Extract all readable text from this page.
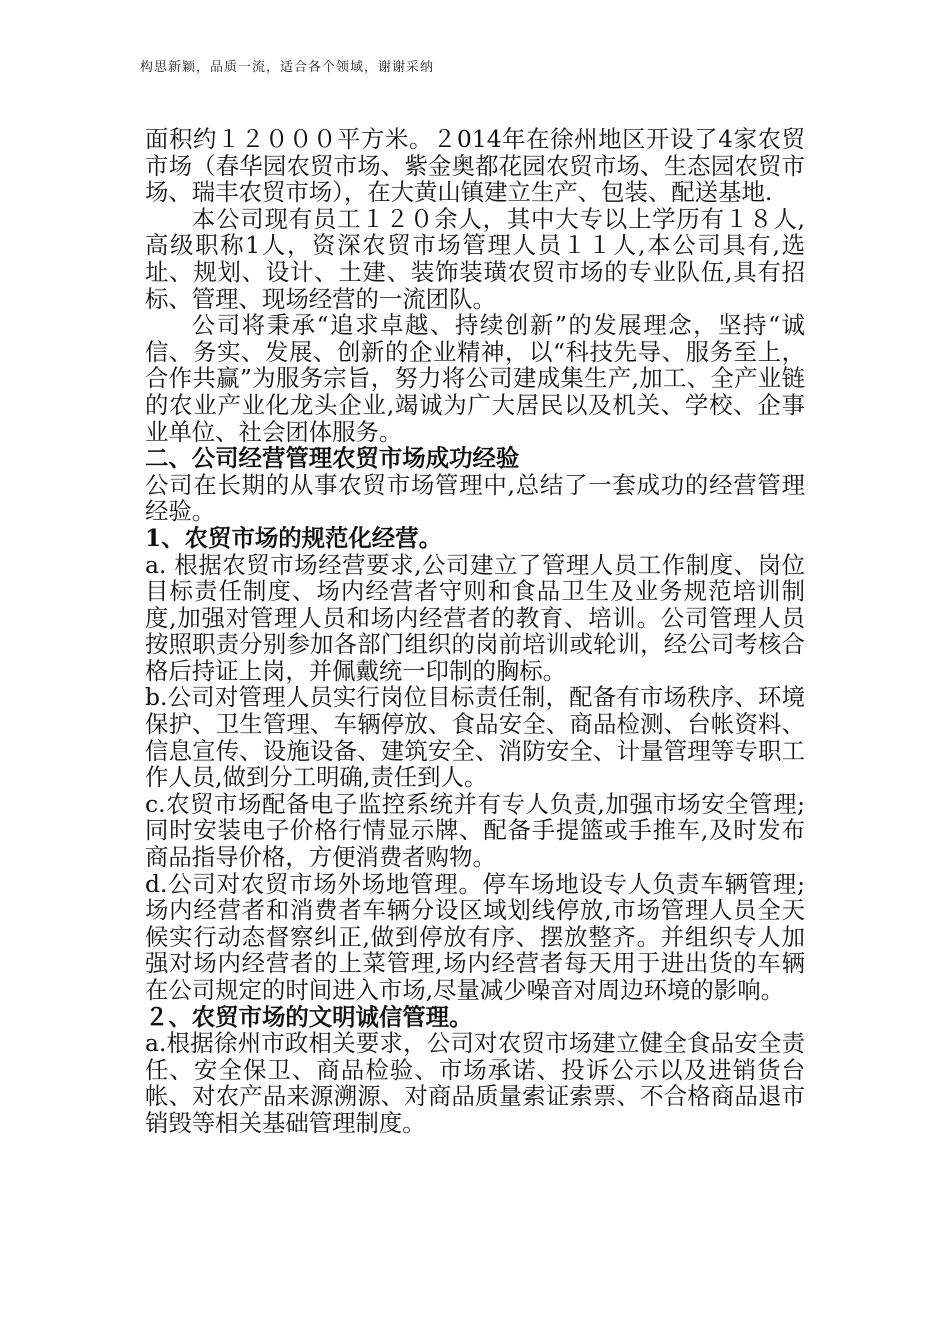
构思新颖，品质一流，适合各个领域，谢谢采纳

面积约１２０００平方米。２014年在徐州地区开设了4家农贸市场（春华园农贸市场、紫金奥都花园农贸市场、生态园农贸市场、瑞丰农贸市场），在大黄山镇建立生产、包装、配送基地.

本公司现有员工１２０余人，其中大专以上学历有１８人,高级职称1人，资深农贸市场管理人员１１人,本公司具有,选址、规划、设计、土建、装饰装璜农贸市场的专业队伍,具有招标、管理、现场经营的一流团队。

公司将秉承“追求卓越、持续创新”的发展理念，坚持“诚信、务实、发展、创新的企业精神，以“科技先导、服务至上，合作共赢”为服务宗旨，努力将公司建成集生产,加工、全产业链的农业产业化龙头企业,竭诚为广大居民以及机关、学校、企事业单位、社会团体服务。

二、公司经营管理农贸市场成功经验

公司在长期的从事农贸市场管理中,总结了一套成功的经营管理经验。

1、农贸市场的规范化经营。

a. 根据农贸市场经营要求,公司建立了管理人员工作制度、岗位目标责任制度、场内经营者守则和食品卫生及业务规范培训制度,加强对管理人员和场内经营者的教育、培训。公司管理人员按照职责分别参加各部门组织的岗前培训或轮训，经公司考核合格后持证上岗，并佩戴统一印制的胸标。

b.公司对管理人员实行岗位目标责任制，配备有市场秩序、环境保护、卫生管理、车辆停放、食品安全、商品检测、台帐资料、信息宣传、设施设备、建筑安全、消防安全、计量管理等专职工作人员,做到分工明确,责任到人。

c.农贸市场配备电子监控系统并有专人负责,加强市场安全管理; 同时安装电子价格行情显示牌、配备手提篮或手推车,及时发布商品指导价格，方便消费者购物。

d.公司对农贸市场外场地管理。停车场地设专人负责车辆管理;场内经营者和消费者车辆分设区域划线停放,市场管理人员全天候实行动态督察纠正,做到停放有序、摆放整齐。并组织专人加强对场内经营者的上菜管理,场内经营者每天用于进出货的车辆在公司规定的时间进入市场,尽量减少噪音对周边环境的影响。

２、农贸市场的文明诚信管理。

a.根据徐州市政相关要求，公司对农贸市场建立健全食品安全责任、安全保卫、商品检验、市场承诺、投诉公示以及进销货台帐、对农产品来源溯源、对商品质量索证索票、不合格商品退市销毁等相关基础管理制度。
